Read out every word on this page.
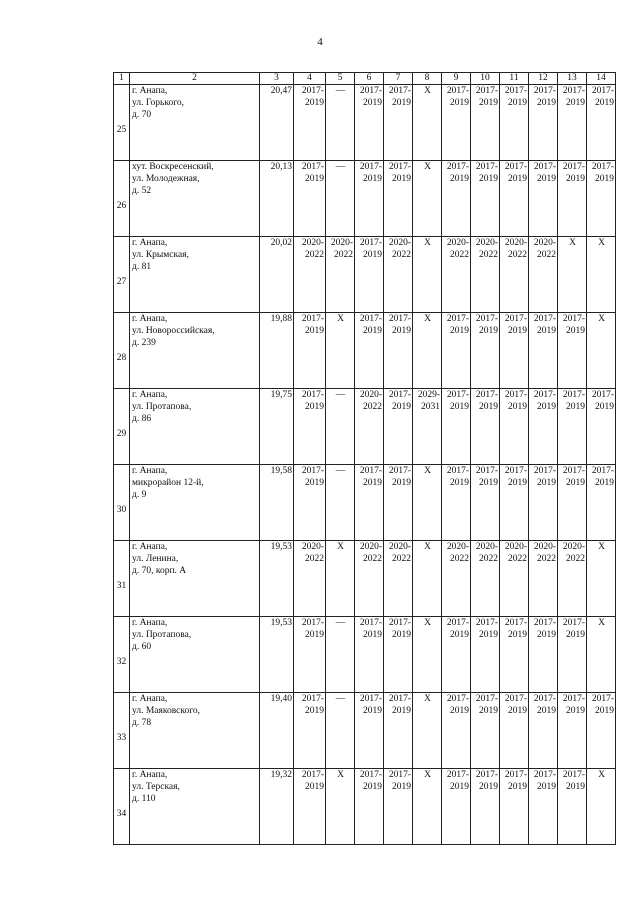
4
1	2	3	4	5	6	7	8	9	10	11	12	13	14
25	г. Анапа,
ул. Горького,
д. 70	20,47	2017-2019	—	2017-2019	2017-2019	X	2017-2019	2017-2019	2017-2019	2017-2019	2017-2019	2017-2019
26	хут. Воскресенский,
ул. Молодежная,
д. 52	20,13	2017-2019	—	2017-2019	2017-2019	X	2017-2019	2017-2019	2017-2019	2017-2019	2017-2019	2017-2019
27	г. Анапа,
ул. Крымская,
д. 81	20,02	2020-2022	2020-2022	2017-2019	2020-2022	X	2020-2022	2020-2022	2020-2022	2020-2022	X	X
28	г. Анапа,
ул. Новороссийская,
д. 239	19,88	2017-2019	X	2017-2019	2017-2019	X	2017-2019	2017-2019	2017-2019	2017-2019	2017-2019	X
29	г. Анапа,
ул. Протапова,
д. 86	19,75	2017-2019	—	2020-2022	2017-2019	2029-2031	2017-2019	2017-2019	2017-2019	2017-2019	2017-2019	2017-2019
30	г. Анапа,
микрорайон 12-й,
д. 9	19,58	2017-2019	—	2017-2019	2017-2019	X	2017-2019	2017-2019	2017-2019	2017-2019	2017-2019	2017-2019
31	г. Анапа,
ул. Ленина,
д. 70, корп. А	19,53	2020-2022	X	2020-2022	2020-2022	X	2020-2022	2020-2022	2020-2022	2020-2022	2020-2022	X
32	г. Анапа,
ул. Протапова,
д. 60	19,53	2017-2019	—	2017-2019	2017-2019	X	2017-2019	2017-2019	2017-2019	2017-2019	2017-2019	X
33	г. Анапа,
ул. Маяковского,
д. 78	19,40	2017-2019	—	2017-2019	2017-2019	X	2017-2019	2017-2019	2017-2019	2017-2019	2017-2019	2017-2019
34	г. Анапа,
ул. Терская,
д. 110	19,32	2017-2019	X	2017-2019	2017-2019	X	2017-2019	2017-2019	2017-2019	2017-2019	2017-2019	X
